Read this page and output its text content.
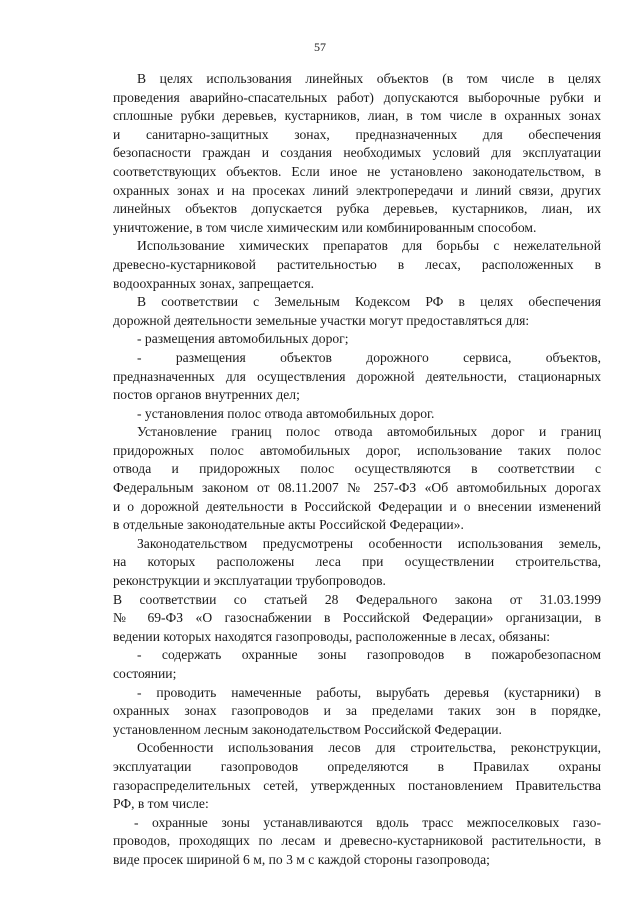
57
В целях использования линейных объектов (в том числе в целях
проведения аварийно-спасательных работ) допускаются выборочные рубки и
сплошные рубки деревьев, кустарников, лиан, в том числе в охранных зонах
и санитарно-защитных зонах, предназначенных для обеспечения
безопасности граждан и создания необходимых условий для эксплуатации
соответствующих объектов. Если иное не установлено законодательством, в
охранных зонах и на просеках линий электропередачи и линий связи, других
линейных объектов допускается рубка деревьев, кустарников, лиан, их
уничтожение, в том числе химическим или комбинированным способом.
Использование химических препаратов для борьбы с нежелательной
древесно-кустарниковой растительностью в лесах, расположенных в
водоохранных зонах, запрещается.
В соответствии с Земельным Кодексом РФ в целях обеспечения
дорожной деятельности земельные участки могут предоставляться для:
- размещения автомобильных дорог;
- размещения объектов дорожного сервиса, объектов,
предназначенных для осуществления дорожной деятельности, стационарных
постов органов внутренних дел;
- установления полос отвода автомобильных дорог.
Установление границ полос отвода автомобильных дорог и границ
придорожных полос автомобильных дорог, использование таких полос
отвода и придорожных полос осуществляются в соответствии с
Федеральным законом от 08.11.2007 № 257-ФЗ «Об автомобильных дорогах
и о дорожной деятельности в Российской Федерации и о внесении изменений
в отдельные законодательные акты Российской Федерации».
Законодательством предусмотрены особенности использования земель,
на которых расположены леса при осуществлении строительства,
реконструкции и эксплуатации трубопроводов.
В соответствии со статьей 28 Федерального закона от 31.03.1999
№ 69-ФЗ «О газоснабжении в Российской Федерации» организации, в
ведении которых находятся газопроводы, расположенные в лесах, обязаны:
- содержать охранные зоны газопроводов в пожаробезопасном
состоянии;
- проводить намеченные работы, вырубать деревья (кустарники) в
охранных зонах газопроводов и за пределами таких зон в порядке,
установленном лесным законодательством Российской Федерации.
Особенности использования лесов для строительства, реконструкции,
эксплуатации газопроводов определяются в Правилах охраны
газораспределительных сетей, утвержденных постановлением Правительства
РФ, в том числе:
- охранные зоны устанавливаются вдоль трасс межпоселковых газо-
проводов, проходящих по лесам и древесно-кустарниковой растительности, в
виде просек шириной 6 м, по 3 м с каждой стороны газопровода;
